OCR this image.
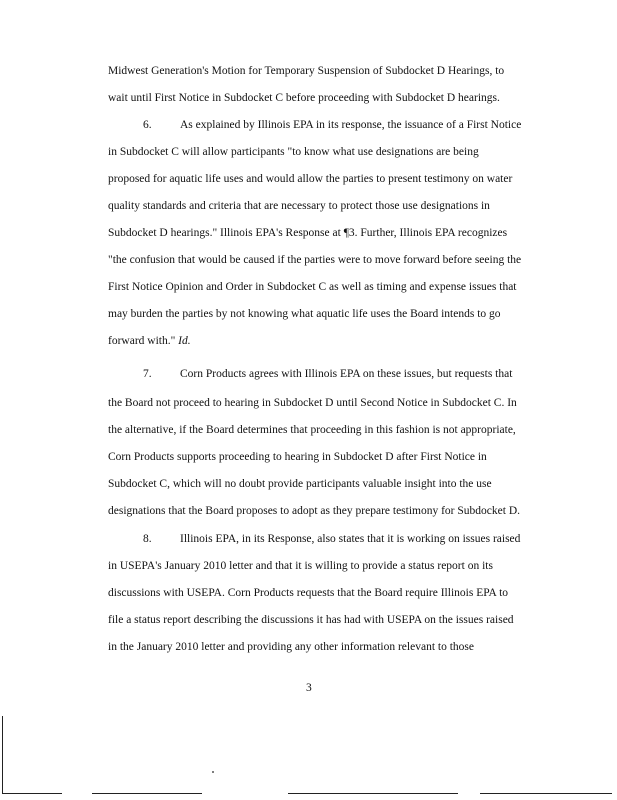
Midwest Generation's Motion for Temporary Suspension of Subdocket D Hearings, to
wait until First Notice in Subdocket C before proceeding with Subdocket D hearings.
6. As explained by Illinois EPA in its response, the issuance of a First Notice
in Subdocket C will allow participants "to know what use designations are being
proposed for aquatic life uses and would allow the parties to present testimony on water
quality standards and criteria that are necessary to protect those use designations in
Subdocket D hearings." Illinois EPA's Response at ¶3. Further, Illinois EPA recognizes
"the confusion that would be caused if the parties were to move forward before seeing the
First Notice Opinion and Order in Subdocket C as well as timing and expense issues that
may burden the parties by not knowing what aquatic life uses the Board intends to go
forward with." Id.
7. Corn Products agrees with Illinois EPA on these issues, but requests that
the Board not proceed to hearing in Subdocket D until Second Notice in Subdocket C. In
the alternative, if the Board determines that proceeding in this fashion is not appropriate,
Corn Products supports proceeding to hearing in Subdocket D after First Notice in
Subdocket C, which will no doubt provide participants valuable insight into the use
designations that the Board proposes to adopt as they prepare testimony for Subdocket D.
8. Illinois EPA, in its Response, also states that it is working on issues raised
in USEPA's January 2010 letter and that it is willing to provide a status report on its
discussions with USEPA. Corn Products requests that the Board require Illinois EPA to
file a status report describing the discussions it has had with USEPA on the issues raised
in the January 2010 letter and providing any other information relevant to those
3
